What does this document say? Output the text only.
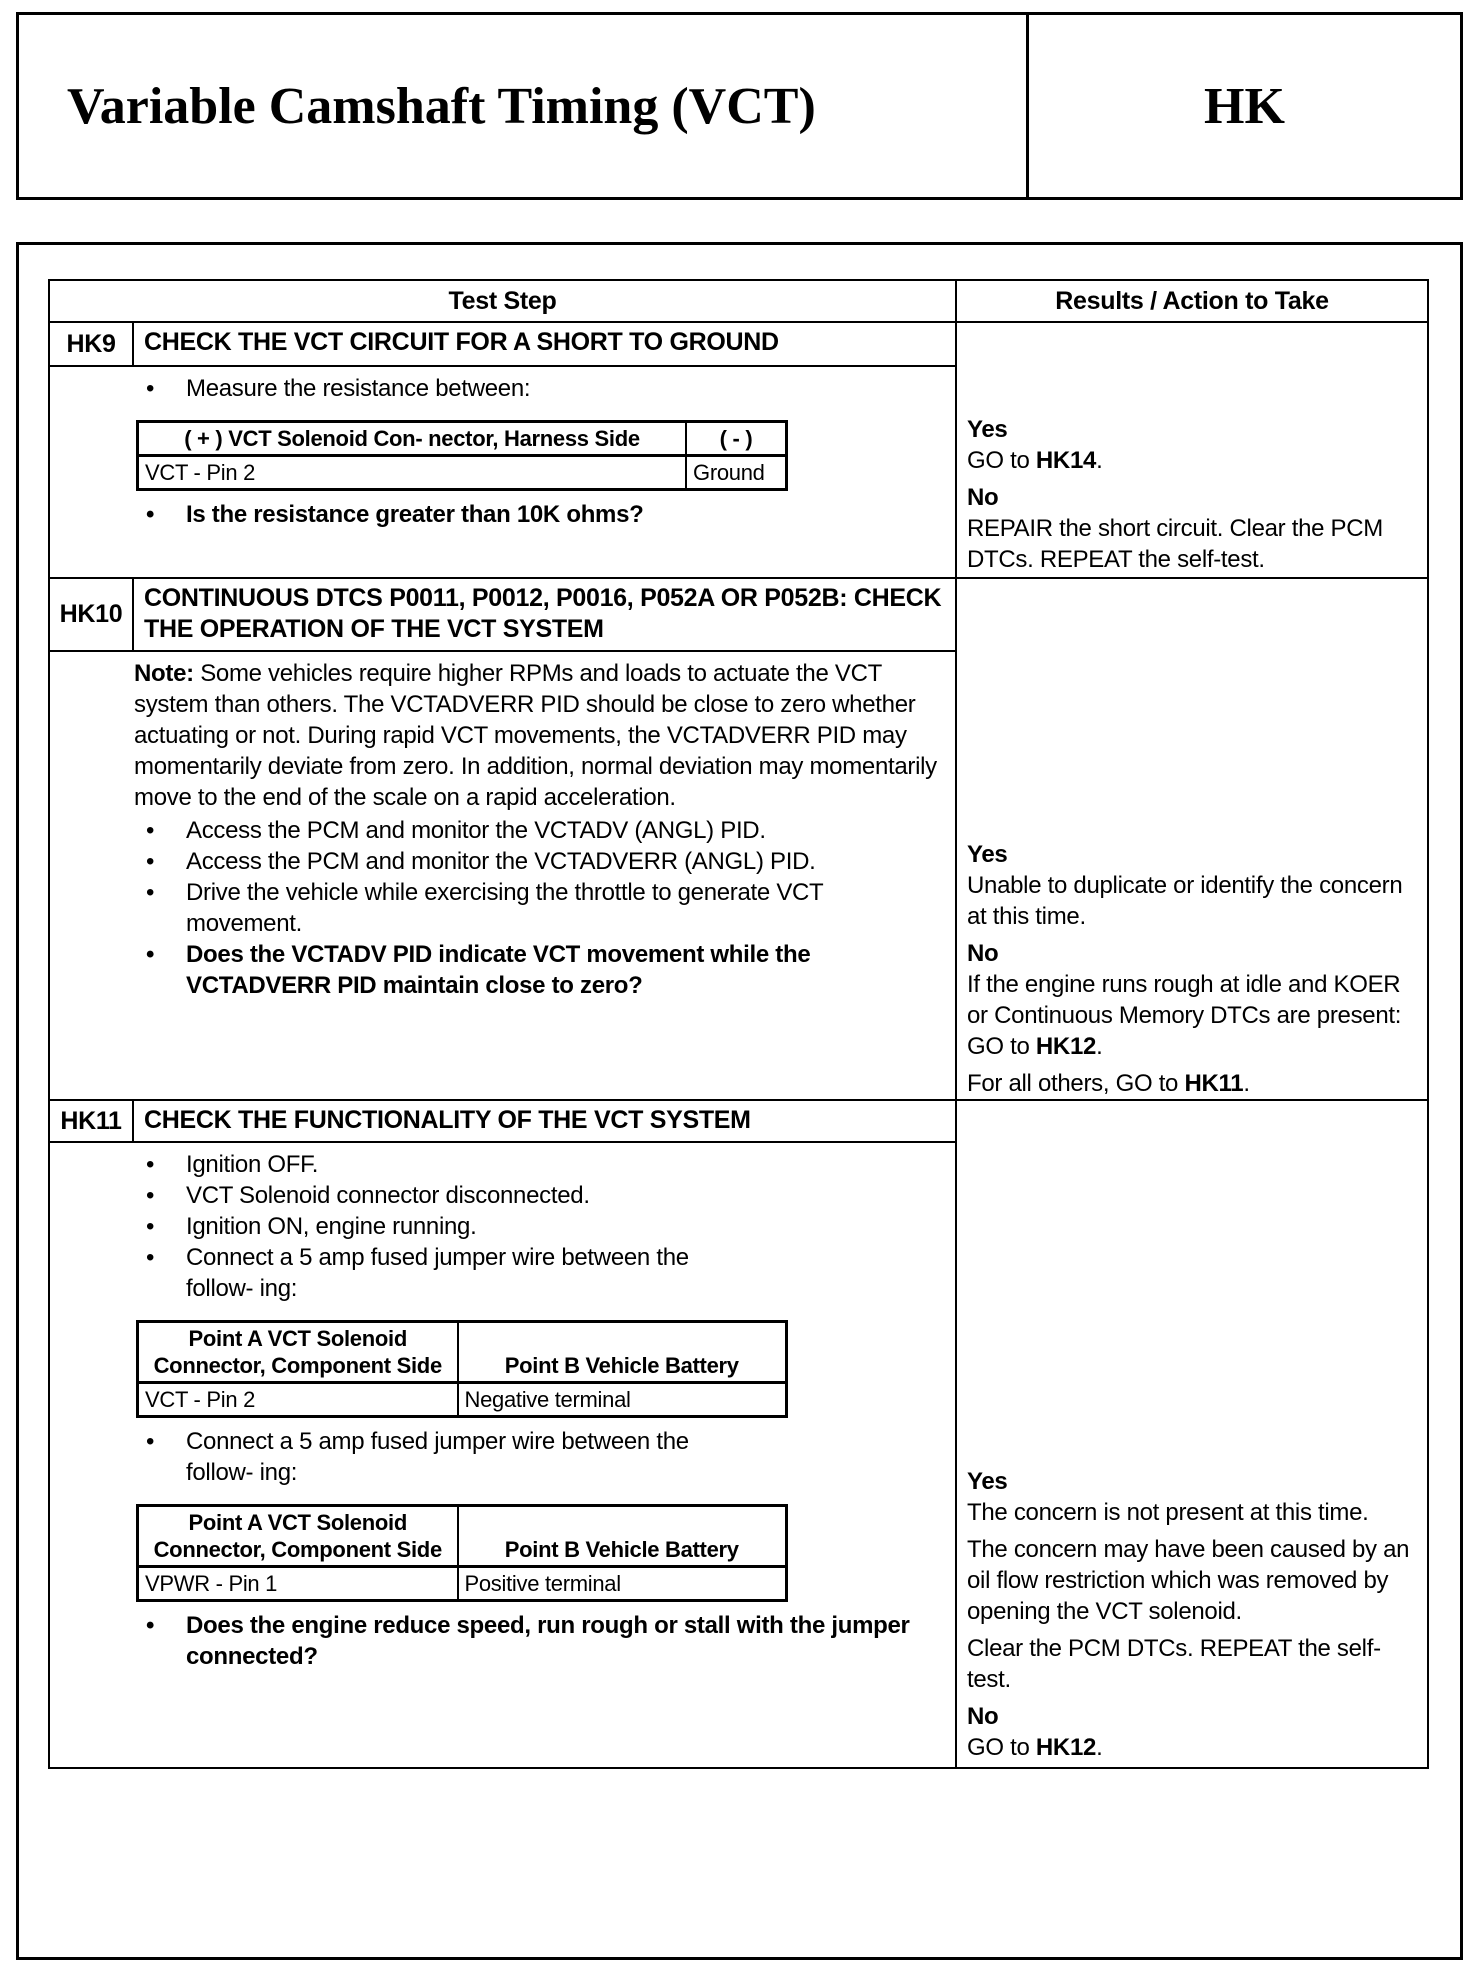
Variable Camshaft Timing (VCT)	HK
Test Step	Results / Action to Take
HK9	CHECK THE VCT CIRCUIT FOR A SHORT TO GROUND	
Yes
GO to HK14.
No
REPAIR the short circuit. Clear the PCM DTCs. REPEAT the self-test.

• Measure the resistance between:
( + ) VCT Solenoid Con- nector, Harness Side	( - )
VCT - Pin 2	Ground
• Is the resistance greater than 10K ohms?

HK10	CONTINUOUS DTCS P0011, P0012, P0016, P052A OR P052B: CHECK THE OPERATION OF THE VCT SYSTEM	
Yes
Unable to duplicate or identify the concern at this time.
No
If the engine runs rough at idle and KOER or Continuous Memory DTCs are present: GO to HK12.
For all others, GO to HK11.

Note: Some vehicles require higher RPMs and loads to actuate the VCT system than others. The VCTADVERR PID should be close to zero whether actuating or not. During rapid VCT movements, the VCTADVERR PID may momentarily deviate from zero. In addition, normal deviation may momentarily move to the end of the scale on a rapid acceleration.
• Access the PCM and monitor the VCTADV (ANGL) PID.
• Access the PCM and monitor the VCTADVERR (ANGL) PID.
• Drive the vehicle while exercising the throttle to generate VCT movement.
• Does the VCTADV PID indicate VCT movement while the VCTADVERR PID maintain close to zero?

HK11	CHECK THE FUNCTIONALITY OF THE VCT SYSTEM	
Yes
The concern is not present at this time.
The concern may have been caused by an oil flow restriction which was removed by opening the VCT solenoid.
Clear the PCM DTCs. REPEAT the self-test.
No
GO to HK12.

• Ignition OFF.
• VCT Solenoid connector disconnected.
• Ignition ON, engine running.
• Connect a 5 amp fused jumper wire between the follow- ing:
Point A VCT Solenoid Connector, Component Side	Point B Vehicle Battery
VCT - Pin 2	Negative terminal
• Connect a 5 amp fused jumper wire between the follow- ing:
Point A VCT Solenoid Connector, Component Side	Point B Vehicle Battery
VPWR - Pin 1	Positive terminal
• Does the engine reduce speed, run rough or stall with the jumper connected?
